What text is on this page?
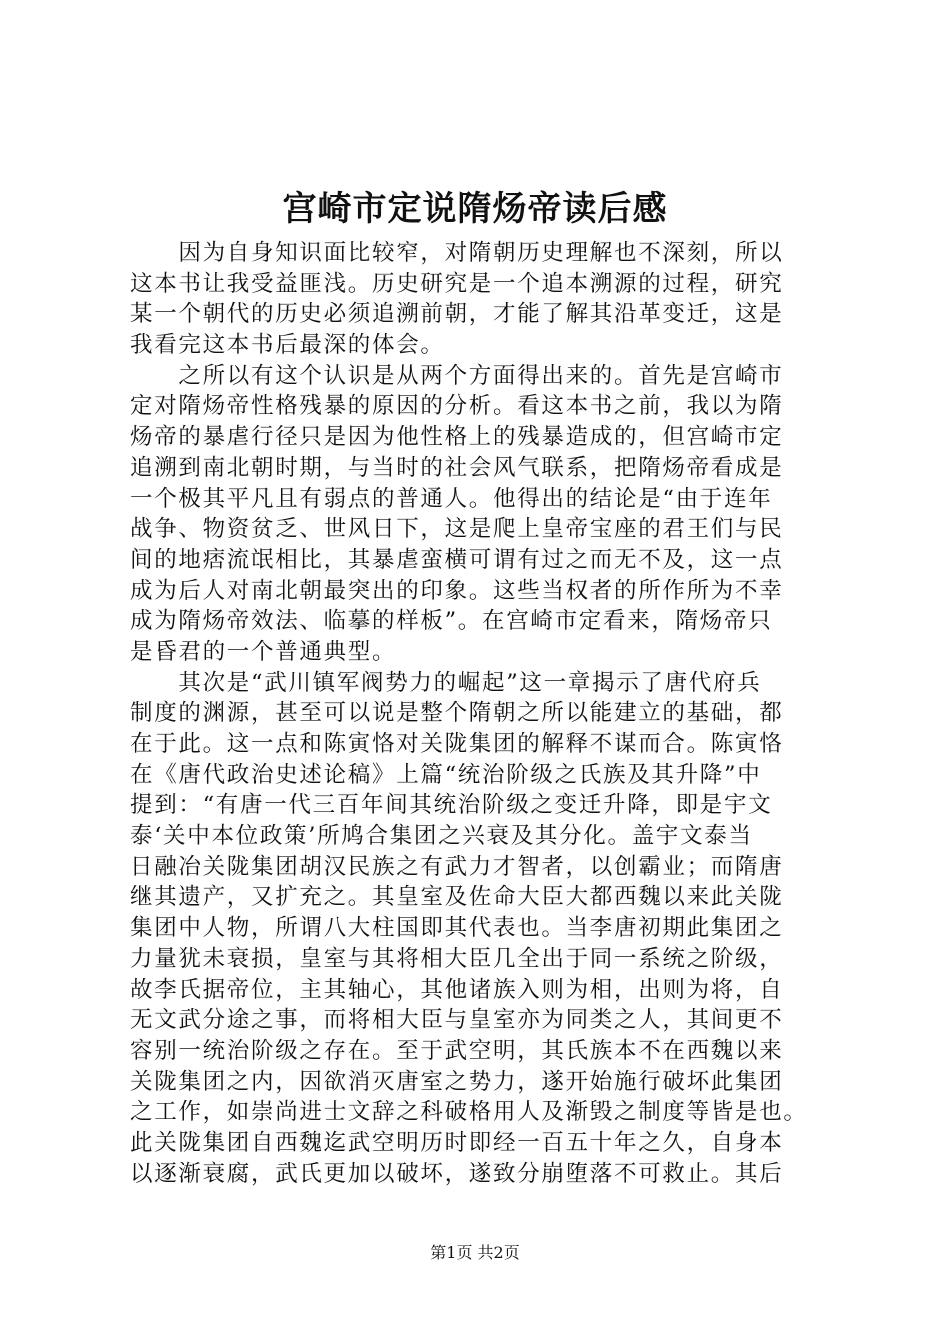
宫崎市定说隋炀帝读后感
　　因为自身知识面比较窄，对隋朝历史理解也不深刻，所以
这本书让我受益匪浅。历史研究是一个追本溯源的过程，研究
某一个朝代的历史必须追溯前朝，才能了解其沿革变迁，这是
我看完这本书后最深的体会。
　　之所以有这个认识是从两个方面得出来的。首先是宫崎市
定对隋炀帝性格残暴的原因的分析。看这本书之前，我以为隋
炀帝的暴虐行径只是因为他性格上的残暴造成的，但宫崎市定
追溯到南北朝时期，与当时的社会风气联系，把隋炀帝看成是
一个极其平凡且有弱点的普通人。他得出的结论是“由于连年
战争、物资贫乏、世风日下，这是爬上皇帝宝座的君王们与民
间的地痞流氓相比，其暴虐蛮横可谓有过之而无不及，这一点
成为后人对南北朝最突出的印象。这些当权者的所作所为不幸
成为隋炀帝效法、临摹的样板”。在宫崎市定看来，隋炀帝只
是昏君的一个普通典型。
　　其次是“武川镇军阀势力的崛起”这一章揭示了唐代府兵
制度的渊源，甚至可以说是整个隋朝之所以能建立的基础，都
在于此。这一点和陈寅恪对关陇集团的解释不谋而合。陈寅恪
在《唐代政治史述论稿》上篇“统治阶级之氏族及其升降”中
提到：“有唐一代三百年间其统治阶级之变迁升降，即是宇文
泰‘关中本位政策’所鸠合集团之兴衰及其分化。盖宇文泰当
日融冶关陇集团胡汉民族之有武力才智者，以创霸业；而隋唐
继其遗产，又扩充之。其皇室及佐命大臣大都西魏以来此关陇
集团中人物，所谓八大柱国即其代表也。当李唐初期此集团之
力量犹未衰损，皇室与其将相大臣几全出于同一系统之阶级，
故李氏据帝位，主其轴心，其他诸族入则为相，出则为将，自
无文武分途之事，而将相大臣与皇室亦为同类之人，其间更不
容别一统治阶级之存在。至于武空明，其氏族本不在西魏以来
关陇集团之内，因欲消灭唐室之势力，遂开始施行破坏此集团
之工作，如崇尚进士文辞之科破格用人及渐毁之制度等皆是也。
此关陇集团自西魏迄武空明历时即经一百五十年之久，自身本
以逐渐衰腐，武氏更加以破坏，遂致分崩堕落不可救止。其后
第1页 共2页
